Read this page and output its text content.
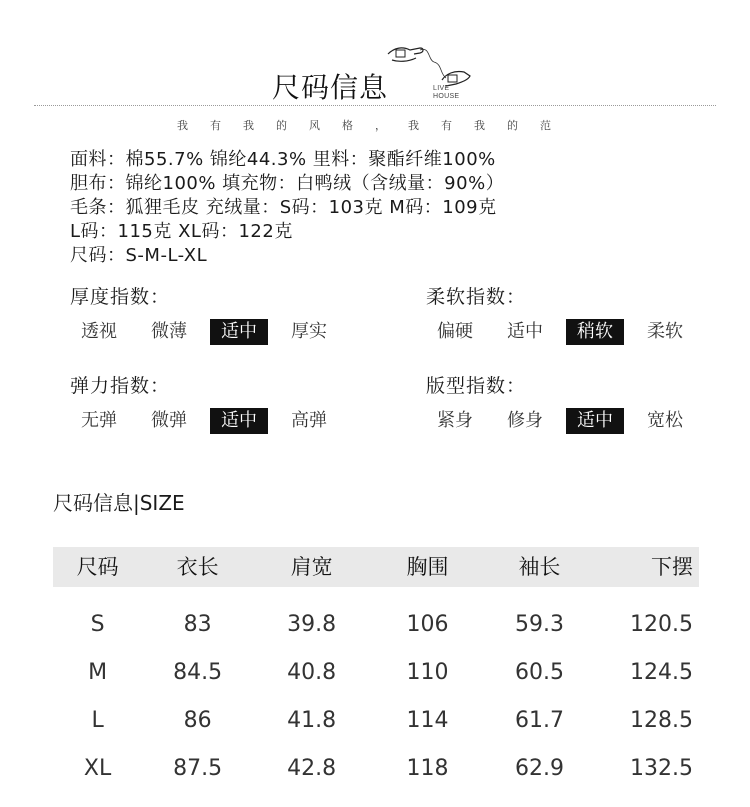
尺码信息	LIVE
HOUSE
我有我的风格，我有我的范
面料：棉55.7% 锦纶44.3% 里料：聚酯纤维100%
胆布：锦纶100% 填充物：白鸭绒（含绒量：90%）
毛条：狐狸毛皮 充绒量：S码：103克 M码：109克
L码：115克 XL码：122克
尺码：S-M-L-XL
厚度指数：
透视	微薄	适中	厚实
柔软指数：
偏硬	适中	稍软	柔软
弹力指数：
无弹	微弹	适中	高弹
版型指数：
紧身	修身	适中	宽松
尺码信息|SIZE
尺码	衣长	肩宽	胸围	袖长	下摆
S	83	39.8	106	59.3	120.5
M	84.5	40.8	110	60.5	124.5
L	86	41.8	114	61.7	128.5
XL	87.5	42.8	118	62.9	132.5
